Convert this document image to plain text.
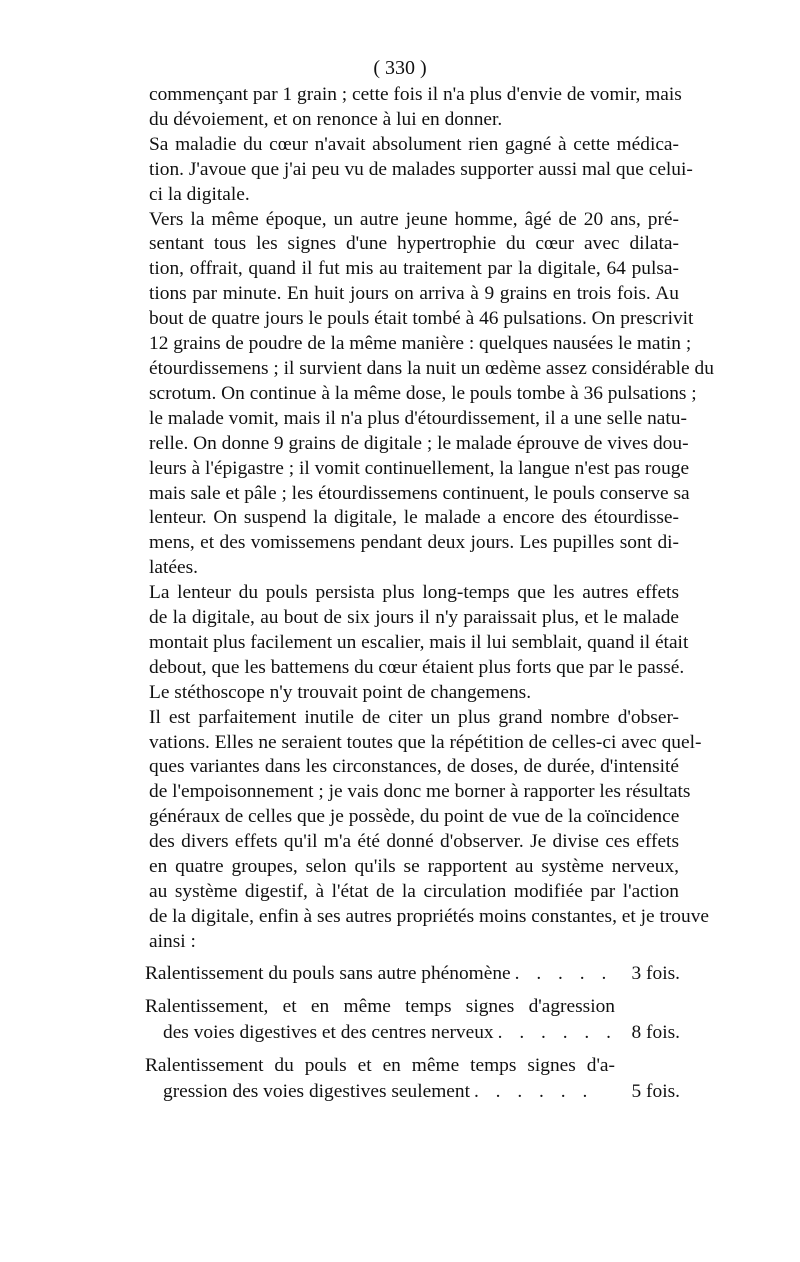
( 330 )

commençant par 1 grain ; cette fois il n'a plus d'envie de vomir, mais
du dévoiement, et on renonce à lui en donner.

Sa maladie du cœur n'avait absolument rien gagné à cette médica-
tion. J'avoue que j'ai peu vu de malades supporter aussi mal que celui-
ci la digitale.

Vers la même époque, un autre jeune homme, âgé de 20 ans, pré-
sentant tous les signes d'une hypertrophie du cœur avec dilata-
tion, offrait, quand il fut mis au traitement par la digitale, 64 pulsa-
tions par minute. En huit jours on arriva à 9 grains en trois fois. Au
bout de quatre jours le pouls était tombé à 46 pulsations. On prescrivit
12 grains de poudre de la même manière : quelques nausées le matin ;
étourdissemens ; il survient dans la nuit un œdème assez considérable du
scrotum. On continue à la même dose, le pouls tombe à 36 pulsations ;
le malade vomit, mais il n'a plus d'étourdissement, il a une selle natu-
relle. On donne 9 grains de digitale ; le malade éprouve de vives dou-
leurs à l'épigastre ; il vomit continuellement, la langue n'est pas rouge
mais sale et pâle ; les étourdissemens continuent, le pouls conserve sa
lenteur. On suspend la digitale, le malade a encore des étourdisse-
mens, et des vomissemens pendant deux jours. Les pupilles sont di-
latées.

La lenteur du pouls persista plus long-temps que les autres effets
de la digitale, au bout de six jours il n'y paraissait plus, et le malade
montait plus facilement un escalier, mais il lui semblait, quand il était
debout, que les battemens du cœur étaient plus forts que par le passé.
Le stéthoscope n'y trouvait point de changemens.

Il est parfaitement inutile de citer un plus grand nombre d'obser-
vations. Elles ne seraient toutes que la répétition de celles-ci avec quel-
ques variantes dans les circonstances, de doses, de durée, d'intensité
de l'empoisonnement ; je vais donc me borner à rapporter les résultats
généraux de celles que je possède, du point de vue de la coïncidence
des divers effets qu'il m'a été donné d'observer. Je divise ces effets
en quatre groupes, selon qu'ils se rapportent au système nerveux,
au système digestif, à l'état de la circulation modifiée par l'action
de la digitale, enfin à ses autres propriétés moins constantes, et je trouve
ainsi :

Ralentissement du pouls sans autre phénomène . . . . . 3 fois.
Ralentissement, et en même temps signes d'agression
des voies digestives et des centres nerveux . . . . . . 8 fois.
Ralentissement du pouls et en même temps signes d'a-
gression des voies digestives seulement . . . . . .	5 fois.
